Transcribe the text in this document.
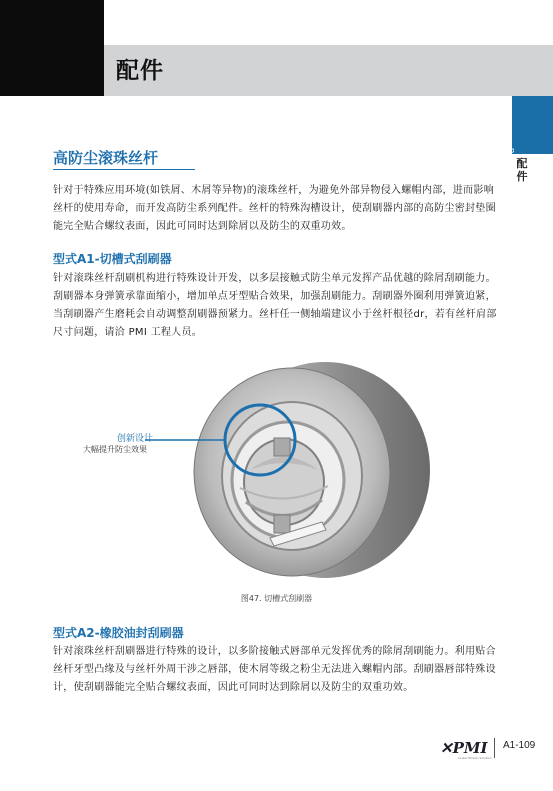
配件
BALLSCREWS 配件
高防尘滚珠丝杆
针对于特殊应用环境(如铁屑、木屑等异物)的滚珠丝杆，为避免外部异物侵入螺帽内部，进而影响丝杆的使用寿命，而开发高防尘系列配件。丝杆的特殊沟槽设计，使刮刷器内部的高防尘密封垫圈能完全贴合螺纹表面，因此可同时达到除屑以及防尘的双重功效。
型式A1-切槽式刮刷器
针对滚珠丝杆刮刷机构进行特殊设计开发，以多层接触式防尘单元发挥产品优越的除屑刮刷能力。刮刷器本身弹簧承靠面缩小，增加单点牙型贴合效果，加强刮刷能力。刮刷器外圈利用弹簧迫紧，当刮刷器产生磨耗会自动调整刮刷器预紧力。丝杆任一侧轴端建议小于丝杆根径dr，若有丝杆肩部尺寸问题，请洽 PMI 工程人员。
创新设计
大幅提升防尘效果
图47. 切槽式刮刷器
型式A2-橡胶油封刮刷器
针对滚珠丝杆刮刷器进行特殊的设计，以多阶接触式唇部单元发挥优秀的除屑刮刷能力。利用贴合丝杆牙型凸缘及与丝杆外周干涉之唇部，使木屑等级之粉尘无法进入螺帽内部。刮刷器唇部特殊设计，使刮刷器能完全贴合螺纹表面，因此可同时达到除屑以及防尘的双重功效。
✕PMI
Linear Motion Solution
A1-109
